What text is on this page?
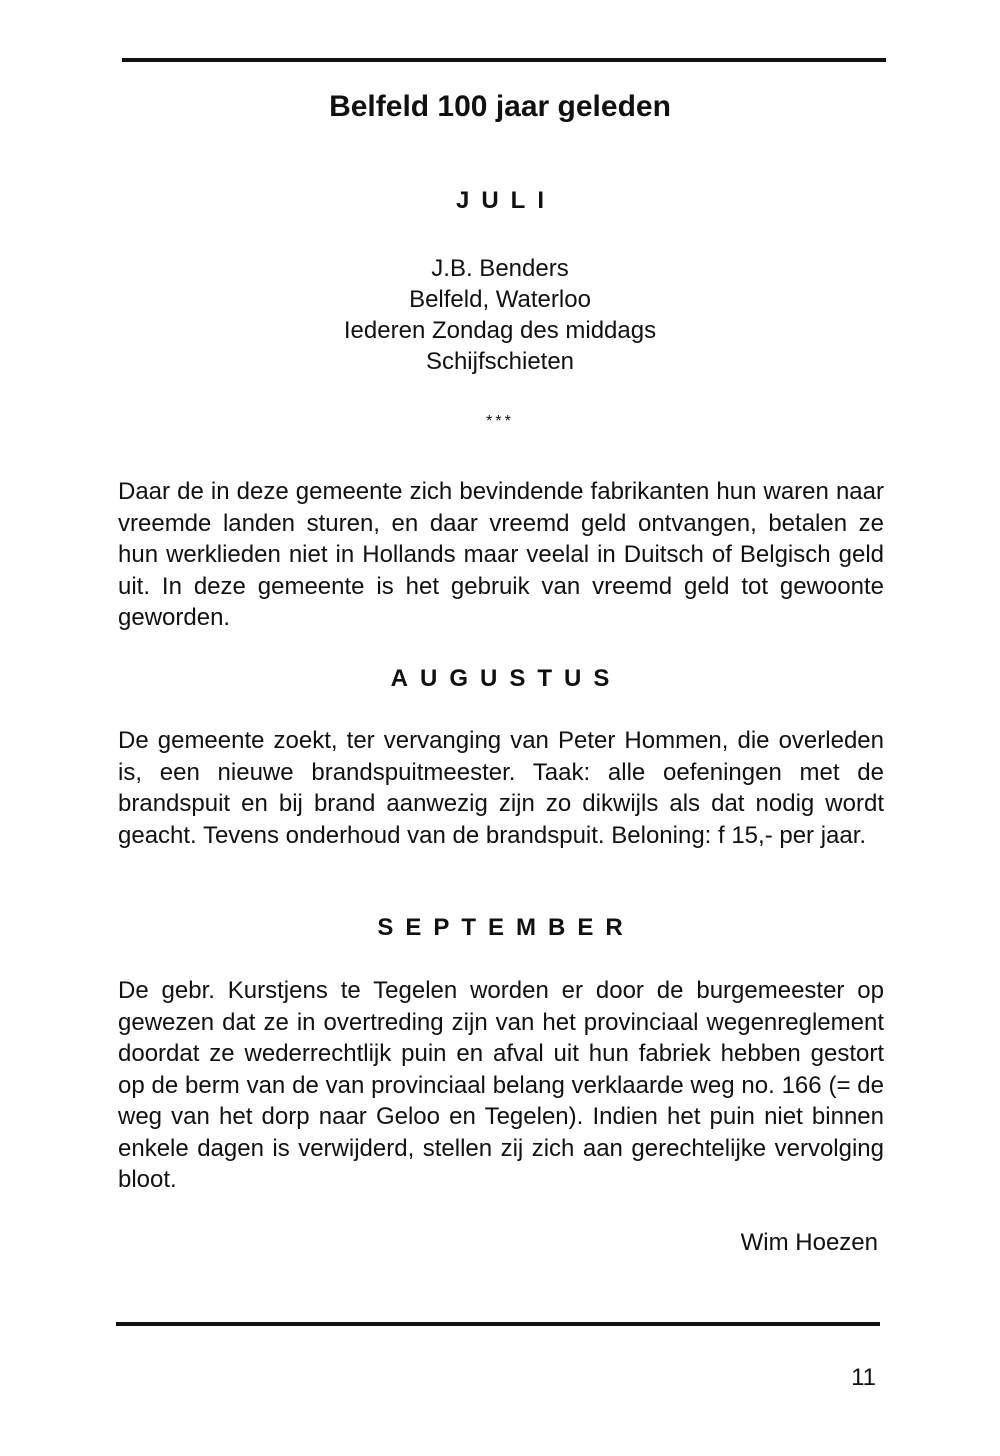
Belfeld 100 jaar geleden
JULI
J.B. Benders
Belfeld, Waterloo
Iederen Zondag des middags
Schijfschieten
***

Daar de in deze gemeente zich bevindende fabrikanten hun waren naar vreemde landen sturen, en daar vreemd geld ontvangen, betalen ze hun werklieden niet in Hollands maar veelal in Duitsch of Belgisch geld uit. In deze gemeente is het gebruik van vreemd geld tot gewoonte geworden.

AUGUSTUS

De gemeente zoekt, ter vervanging van Peter Hommen, die overleden is, een nieuwe brandspuitmeester. Taak: alle oefeningen met de brandspuit en bij brand aanwezig zijn zo dikwijls als dat nodig wordt geacht. Tevens onderhoud van de brandspuit. Beloning: f 15,- per jaar.

SEPTEMBER

De gebr. Kurstjens te Tegelen worden er door de burgemeester op gewezen dat ze in overtreding zijn van het provinciaal wegenreglement doordat ze wederrechtlijk puin en afval uit hun fabriek hebben gestort op de berm van de van provinciaal belang verklaarde weg no. 166 (= de weg van het dorp naar Geloo en Tegelen). Indien het puin niet binnen enkele dagen is verwijderd, stellen zij zich aan gerechtelijke vervolging bloot.

Wim Hoezen
11
